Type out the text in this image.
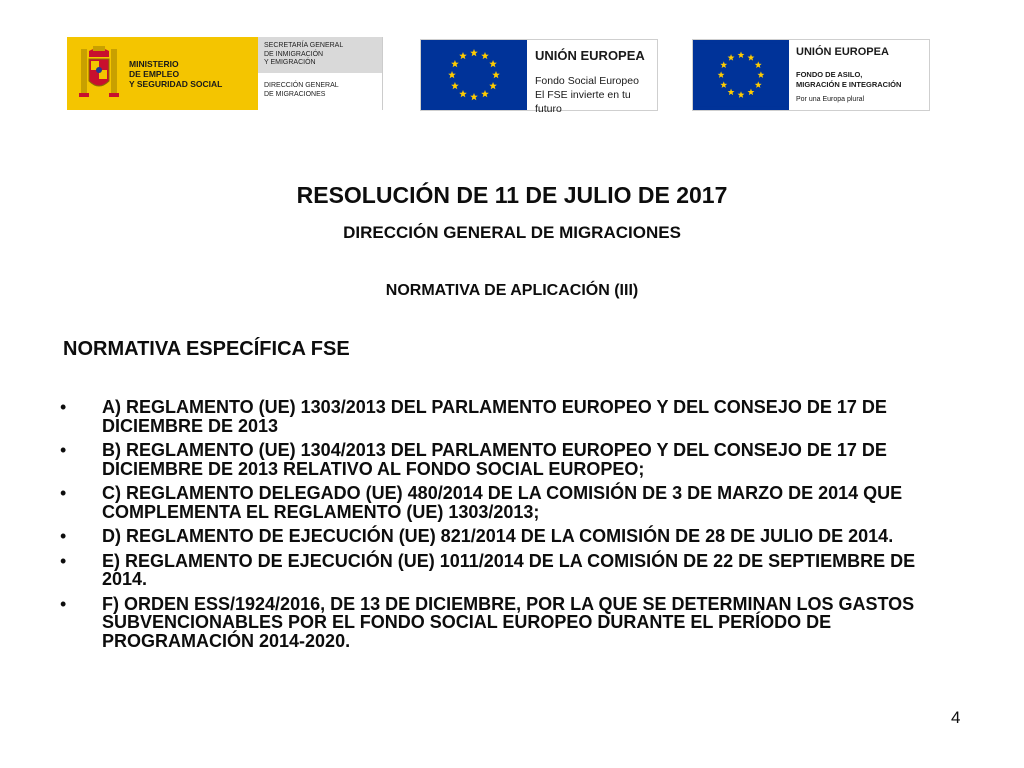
MINISTERIO
DE EMPLEO
Y SEGURIDAD SOCIAL
SECRETARÍA GENERAL
DE INMIGRACIÓN
Y EMIGRACIÓN
DIRECCIÓN GENERAL
DE MIGRACIONES
UNIÓN EUROPEA
Fondo Social Europeo
El FSE invierte en tu futuro
UNIÓN EUROPEA
FONDO DE ASILO,
MIGRACIÓN E INTEGRACIÓN
Por una Europa plural
RESOLUCIÓN DE 11 DE JULIO DE 2017
DIRECCIÓN GENERAL DE MIGRACIONES
NORMATIVA DE APLICACIÓN (III)
NORMATIVA ESPECÍFICA FSE
• A) REGLAMENTO (UE) 1303/2013 DEL PARLAMENTO EUROPEO Y DEL CONSEJO DE 17 DE DICIEMBRE DE 2013
• B) REGLAMENTO (UE) 1304/2013 DEL PARLAMENTO EUROPEO Y DEL CONSEJO DE 17 DE DICIEMBRE DE 2013 RELATIVO AL FONDO SOCIAL EUROPEO;
• C) REGLAMENTO DELEGADO (UE) 480/2014 DE LA COMISIÓN DE 3 DE MARZO DE 2014 QUE COMPLEMENTA EL REGLAMENTO (UE) 1303/2013;
• D) REGLAMENTO DE EJECUCIÓN (UE) 821/2014 DE LA COMISIÓN DE 28 DE JULIO DE 2014.
• E) REGLAMENTO DE EJECUCIÓN (UE) 1011/2014 DE LA COMISIÓN DE 22 DE SEPTIEMBRE DE 2014.
• F) ORDEN ESS/1924/2016, DE 13 DE DICIEMBRE, POR LA QUE SE DETERMINAN LOS GASTOS SUBVENCIONABLES POR EL FONDO SOCIAL EUROPEO DURANTE EL PERÍODO DE PROGRAMACIÓN 2014-2020.
4
